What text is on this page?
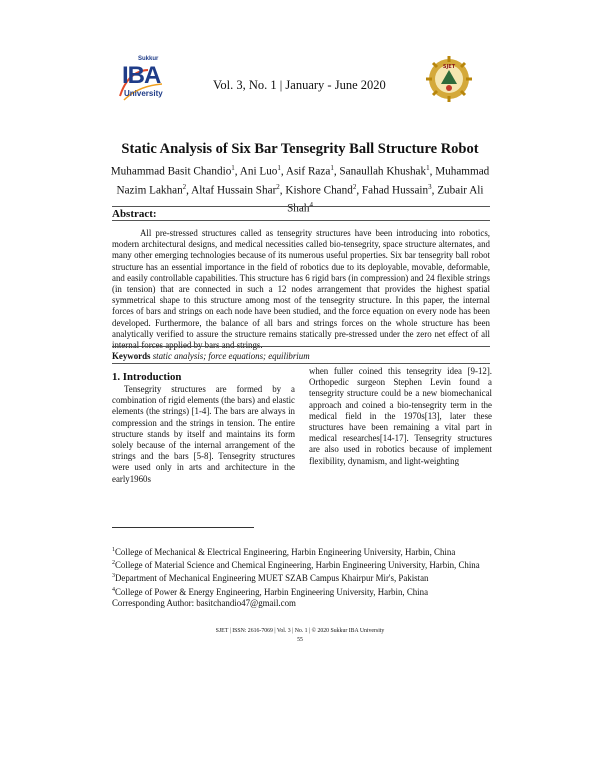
Sukkur
IBA
University
Vol. 3, No. 1 | January - June 2020
SJET
Static Analysis of Six Bar Tensegrity Ball Structure Robot
Muhammad Basit Chandio$^1$, Ani Luo$^1$, Asif Raza$^1$, Sanaullah Khushak$^1$, Muhammad Nazim Lakhan$^2$, Altaf Hussain Shar$^2$, Kishore Chand$^2$, Fahad Hussain$^3$, Zubair Ali Shah$^4$
Abstract:
All pre-stressed structures called as tensegrity structures have been introducing into robotics, modern architectural designs, and medical necessities called bio-tensegrity, space structure alternates, and many other emerging technologies because of its numerous useful properties. Six bar tensegrity ball robot structure has an essential importance in the field of robotics due to its deployable, movable, deformable, and easily controllable capabilities. This structure has 6 rigid bars (in compression) and 24 flexible strings (in tension) that are connected in such a 12 nodes arrangement that provides the highest spatial symmetrical shape to this structure among most of the tensegrity structure. In this paper, the internal forces of bars and strings on each node have been studied, and the force equation on every node has been developed. Furthermore, the balance of all bars and strings forces on the whole structure has been analytically verified to assure the structure remains statically pre-stressed under the zero net effect of all internal forces applied by bars and strings.
Keywords static analysis; force equations; equilibrium
1. Introduction
Tensegrity structures are formed by a combination of rigid elements (the bars) and elastic elements (the strings) [1-4]. The bars are always in compression and the strings in tension. The entire structure stands by itself and maintains its form solely because of the internal arrangement of the strings and the bars [5-8]. Tensegrity structures were used only in arts and architecture in the early1960s
when fuller coined this tensegrity idea [9-12]. Orthopedic surgeon Stephen Levin found a tensegrity structure could be a new biomechanical approach and coined a bio-tensegrity term in the medical field in the 1970s[13], later these structures have been remaining a vital part in medical researches[14-17]. Tensegrity structures are also used in robotics because of implement flexibility, dynamism, and light-weighting
$^1$College of Mechanical & Electrical Engineering, Harbin Engineering University, Harbin, China
$^2$College of Material Science and Chemical Engineering, Harbin Engineering University, Harbin, China
$^3$Department of Mechanical Engineering MUET SZAB Campus Khairpur Mir's, Pakistan
$^4$College of Power & Energy Engineering, Harbin Engineering University, Harbin, China
Corresponding Author: basitchandio47@gmail.com
SJET | ISSN: 2616-7069 | Vol. 3 | No. 1 | © 2020 Sukkur IBA University
55
